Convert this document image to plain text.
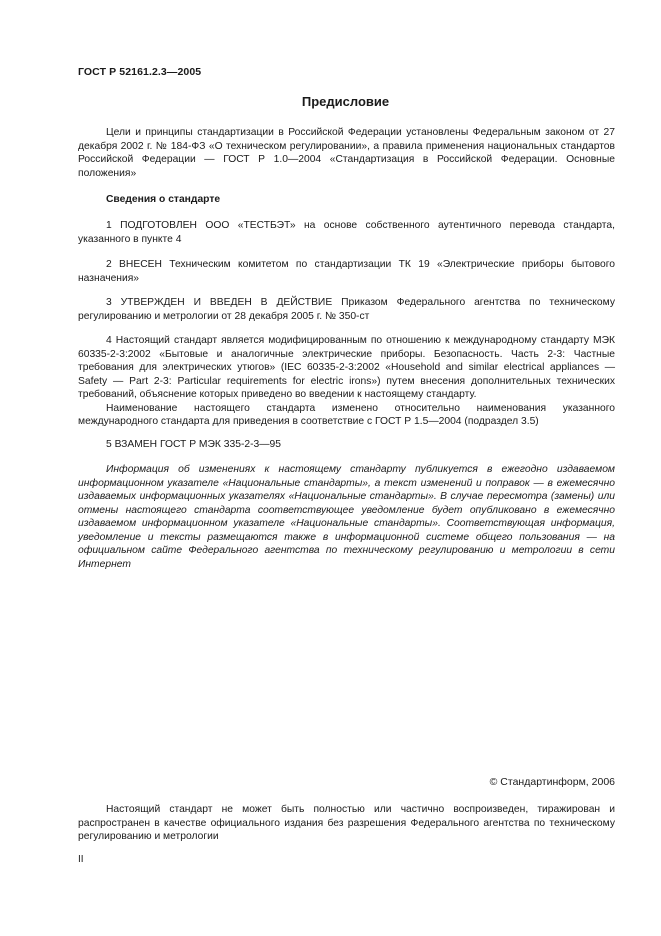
ГОСТ Р 52161.2.3—2005
Предисловие

Цели и принципы стандартизации в Российской Федерации установлены Федеральным законом от 27 декабря 2002 г. № 184-ФЗ «О техническом регулировании», а правила применения национальных стандартов Российской Федерации — ГОСТ Р 1.0—2004 «Стандартизация в Российской Федерации. Основные положения»

Сведения о стандарте

1 ПОДГОТОВЛЕН ООО «ТЕСТБЭТ» на основе собственного аутентичного перевода стандарта, указанного в пункте 4

2 ВНЕСЕН Техническим комитетом по стандартизации ТК 19 «Электрические приборы бытового назначения»

3 УТВЕРЖДЕН И ВВЕДЕН В ДЕЙСТВИЕ Приказом Федерального агентства по техническому регулированию и метрологии от 28 декабря 2005 г. № 350-ст

4 Настоящий стандарт является модифицированным по отношению к международному стандарту МЭК 60335-2-3:2002 «Бытовые и аналогичные электрические приборы. Безопасность. Часть 2-3: Частные требования для электрических утюгов» (IEC 60335-2-3:2002 «Household and similar electrical appliances — Safety — Part 2-3: Particular requirements for electric irons») путем внесения дополнительных технических требований, объяснение которых приведено во введении к настоящему стандарту.

Наименование настоящего стандарта изменено относительно наименования указанного международного стандарта для приведения в соответствие с ГОСТ Р 1.5—2004 (подраздел 3.5)

5 ВЗАМЕН ГОСТ Р МЭК 335-2-3—95

Информация об изменениях к настоящему стандарту публикуется в ежегодно издаваемом информационном указателе «Национальные стандарты», а текст изменений и поправок — в ежемесячно издаваемых информационных указателях «Национальные стандарты». В случае пересмотра (замены) или отмены настоящего стандарта соответствующее уведомление будет опубликовано в ежемесячно издаваемом информационном указателе «Национальные стандарты». Соответствующая информация, уведомление и тексты размещаются также в информационной системе общего пользования — на официальном сайте Федерального агентства по техническому регулированию и метрологии в сети Интернет

© Стандартинформ, 2006

Настоящий стандарт не может быть полностью или частично воспроизведен, тиражирован и распространен в качестве официального издания без разрешения Федерального агентства по техническому регулированию и метрологии

II
